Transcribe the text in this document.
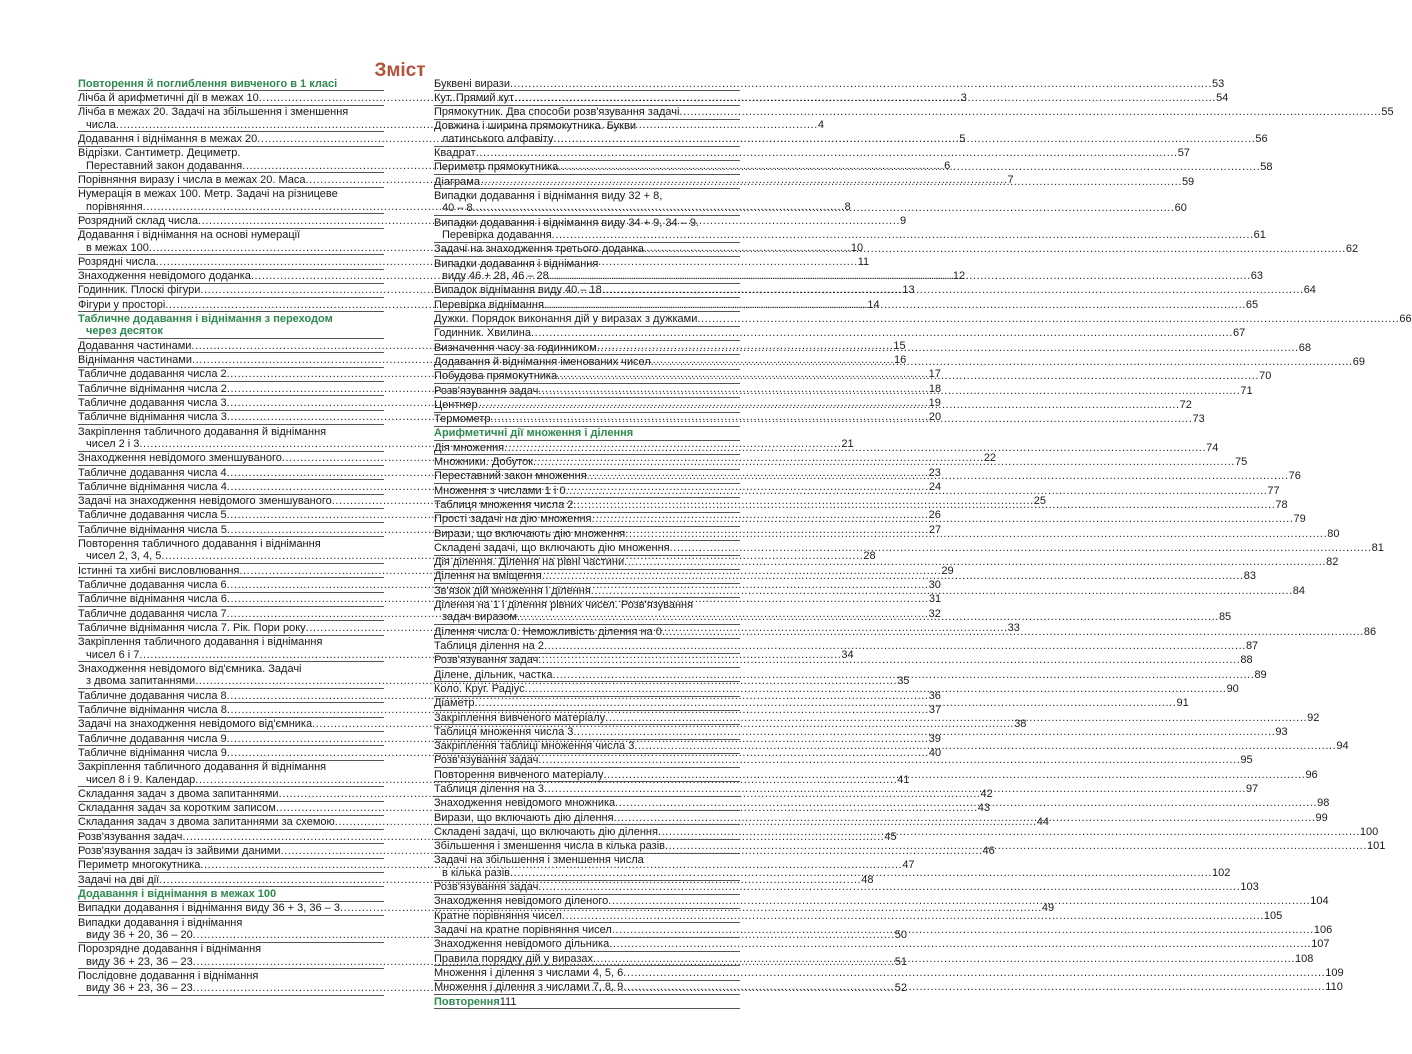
Зміст
Повторення й поглиблення вивченого в 1 класі
Лічба й арифметичні дії в межах 10 .....	3
Лічба в межах 20. Задачі на збільшення і зменшення
числа .....	4
Додавання і віднімання в межах 20 .....	5
Відрізки. Сантиметр. Дециметр.
Переставний закон додавання .....	6
Порівняння виразу і числа в межах 20. Маса .....	7
Нумерація в межах 100. Метр. Задачі на різницеве
порівняння .....	8
Розрядний склад числа .....	9
Додавання і віднімання на основі нумерації
в межах 100 .....	10
Розрядні числа .....	11
Знаходження невідомого доданка .....	12
Годинник. Плоскі фігури .....	13
Фігури у просторі .....	14
Табличне додавання і віднімання з переходом
через десяток
Додавання частинами .....	15
Віднімання частинами .....	16
Табличне додавання числа 2 .....	17
Табличне віднімання числа 2 .....	18
Табличне додавання числа 3 .....	19
Табличне віднімання числа 3 .....	20
Закріплення табличного додавання й віднімання
чисел 2 і 3 .....	21
Знаходження невідомого зменшуваного .....	22
Табличне додавання числа 4 .....	23
Табличне віднімання числа 4 .....	24
Задачі на знаходження невідомого зменшуваного .....	25
Табличне додавання числа 5 .....	26
Табличне віднімання числа 5 .....	27
Повторення табличного додавання і віднімання
чисел 2, 3, 4, 5 .....	28
Істинні та хибні висловлювання .....	29
Табличне додавання числа 6 .....	30
Табличне віднімання числа 6 .....	31
Табличне додавання числа 7 .....	32
Табличне віднімання числа 7. Рік. Пори року .....	33
Закріплення табличного додавання і віднімання
чисел 6 і 7 .....	34
Знаходження невідомого від'ємника. Задачі
з двома запитаннями .....	35
Табличне додавання числа 8 .....	36
Табличне віднімання числа 8 .....	37
Задачі на знаходження невідомого від'ємника .....	38
Табличне додавання числа 9 .....	39
Табличне віднімання числа 9 .....	40
Закріплення табличного додавання й віднімання
чисел 8 і 9. Календар .....	41
Складання задач з двома запитаннями .....	42
Складання задач за коротким записом .....	43
Складання задач з двома запитаннями за схемою .....	44
Розв'язування задач .....	45
Розв'язування задач із зайвими даними .....	46
Периметр многокутника .....	47
Задачі на дві дії .....	48
Додавання і віднімання в межах 100
Випадки додавання і віднімання виду 36 + 3, 36 – 3 .....	49
Випадки додавання і віднімання
виду 36 + 20, 36 – 20 .....	50
Порозрядне додавання і віднімання
виду 36 + 23, 36 – 23 .....	51
Послідовне додавання і віднімання
виду 36 + 23, 36 – 23 .....	52
Буквені вирази .....	53
Кут. Прямий кут .....	54
Прямокутник. Два способи розв'язування задачі .....	55
Довжина і ширина прямокутника. Букви
латинського алфавіту .....	56
Квадрат .....	57
Периметр прямокутника .....	58
Діаграма .....	59
Випадки додавання і віднімання виду 32 + 8,
40 – 8 .....	60
Випадки додавання і віднімання виду 34 + 9, 34 – 9.
Перевірка додавання .....	61
Задачі на знаходження третього доданка .....	62
Випадки додавання і віднімання
виду 46 + 28, 46 – 28 .....	63
Випадок віднімання виду 40 – 18 .....	64
Перевірка віднімання .....	65
Дужки. Порядок виконання дій у виразах з дужками .....	66
Годинник. Хвилина .....	67
Визначення часу за годинником .....	68
Додавання й віднімання іменованих чисел .....	69
Побудова прямокутника .....	70
Розв'язування задач .....	71
Центнер .....	72
Термометр .....	73
Арифметичні дії множення і ділення
Дія множення .....	74
Множники. Добуток .....	75
Переставний закон множення .....	76
Множення з числами 1 і 0 .....	77
Таблиця множення числа 2 .....	78
Прості задачі на дію множення .....	79
Вирази, що включають дію множення .....	80
Складені задачі, що включають дію множення .....	81
Дія ділення. Ділення на рівні частини .....	82
Ділення на вміщення .....	83
Зв'язок дій множення і ділення .....	84
Ділення на 1 і ділення рівних чисел. Розв'язування
задач виразом .....	85
Ділення числа 0. Неможливість ділення на 0 .....	86
Таблиця ділення на 2 .....	87
Розв'язування задач .....	88
Ділене, дільник, частка .....	89
Коло. Круг. Радіус .....	90
Діаметр .....	91
Закріплення вивченого матеріалу .....	92
Таблиця множення числа 3 .....	93
Закріплення таблиці множення числа 3 .....	94
Розв'язування задач .....	95
Повторення вивченого матеріалу .....	96
Таблиця ділення на 3 .....	97
Знаходження невідомого множника .....	98
Вирази, що включають дію ділення .....	99
Складені задачі, що включають дію ділення .....	100
Збільшення і зменшення числа в кілька разів .....	101
Задачі на збільшення і зменшення числа
в кілька разів .....	102
Розв'язування задач .....	103
Знаходження невідомого діленого .....	104
Кратне порівняння чисел .....	105
Задачі на кратне порівняння чисел .....	106
Знаходження невідомого дільника .....	107
Правила порядку дій у виразах .....	108
Множення і ділення з числами 4, 5, 6 .....	109
Множення і ділення з числами 7, 8, 9 .....	110
Повторення 111
